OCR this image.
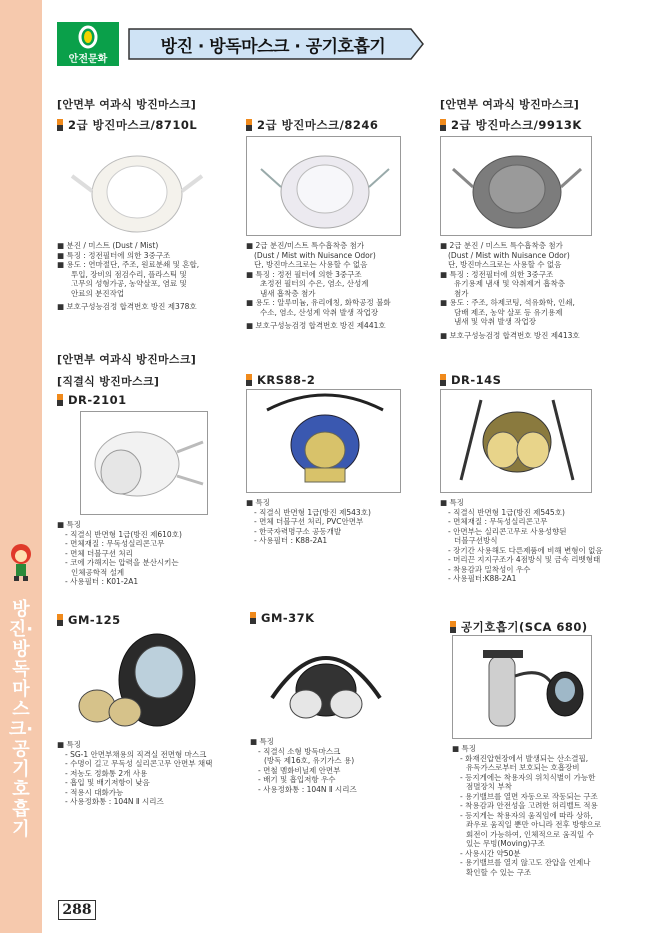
방진·방독마스크·공기호흡기
288
안전문화
방진 · 방독마스크 · 공기호흡기
[안면부 여과식 방진마스크]	[안면부 여과식 방진마스크]
2급 방진마스크/8710L

■ 분진 / 미스트 (Dust / Mist)

■ 특징 : 정전필터에 의한 3중구조

■ 용도 : 연마절단, 주조, 원료분쇄 및 혼합,

투입, 장비의 점검수리, 플라스틱 및

고무의 성형가공, 농약살포, 염료 및

안료의 분진작업

■ 보호구성능검정 합격번호 방진 제378호

2급 방진마스크/8246

■ 2급 분진/미스트 특수흡착층 첨가

(Dust / Mist with Nuisance Odor)

단, 방진마스크로는 사용할 수 없음

■ 특징 : 정전 필터에 의한 3중구조

초정전 필터의 수은, 염소, 산성계

냄새 흡착층 첨가

■ 용도 : 알루미늄, 유리에칭, 화학공정 불화

수소, 염소, 산성계 악취 발생 작업장

■ 보호구성능검정 합격번호 방진 제441호

2급 방진마스크/9913K

■ 2급 분진 / 미스트 특수흡착층 첨가

(Dust / Mist with Nuisance Odor)

단, 방진마스크로는 사용할 수 없음

■ 특징 : 정전필터에 의한 3중구조

유기용제 냄새 및 악취제거 흡착층

첨가

■ 용도 : 주조, 하제코팅, 석유화학, 인쇄,

담배 제조, 농약 살포 등 유기용제

냄새 및 악취 발생 작업장

■ 보호구성능검정 합격번호 방진 제413호

[안면부 여과식 방진마스크]
[직결식 방진마스크]
DR-2101

■ 특징

- 직결식 반면형 1급(방진 제610호)

- 면체재질 : 무독성실리콘고무

- 면체 더블구션 처리

- 코에 가해지는 압력을 분산시키는

인체공학적 설계

- 사용필터 : K01-2A1

KRS88-2

■ 특징

- 직결식 반면형 1급(방진 제543호)

- 면체 더블구션 처리, PVC안면부

- 한국자력명구소 공동개발

- 사용필터 : K88-2A1

DR-14S

■ 특징

- 직결식 반면형 1급(방진 제545호)

- 면체재질 : 무독성실리콘고무

- 안면부는 실리콘고무로 사용성향된

더블구션방식

- 장기간 사용해도 다른제품에 비해 변형이 없음

- 머리끈 지지구조가 4점방식 및 금속 리벳형태

- 착용감과 밀착성이 우수

- 사용필터:K88-2A1

GM-125

■ 특징

- SG-1 안면부채용의 직격실 전면형 마스크

- 수명이 길고 무독성 실리콘고무 안면부 채택

- 저농도 정화통 2개 사용

- 흡입 및 배기저항이 낮음

- 적용시 대화가능

- 사용정화통 : 104N Ⅱ 시리즈

GM-37K

■ 특징

- 직결식 소형 방독마스크

(방독 제16호, 유기가스 용)

- 면철 멤화비닐제 안면부

- 배기 및 흡입저항 우수

- 사용정화통 : 104N Ⅱ 시리즈

공기호흡기(SCA 680)

■ 특징

- 화재진압현장에서 발생되는 산소결핍,

유독가스로부터 보호되는 호흡장비

- 등지게에는 착용자의 위치식별이 가능한

점멸장치 부착

- 용기밸브를 열면 자동으로 작동되는 구조

- 착용감과 안전성을 고려한 허리벨트 적용

- 등지게는 착용자의 움직임에 따라 상하,

좌우로 움직일 뿐만 아니라 전후 방향으로

회전이 가능하여, 인체적으로 움직일 수

있는 무빙(Moving)구조

- 사용시간 약50분

- 용기밸브를 열지 않고도 잔압을 언제나

확인할 수 있는 구조
